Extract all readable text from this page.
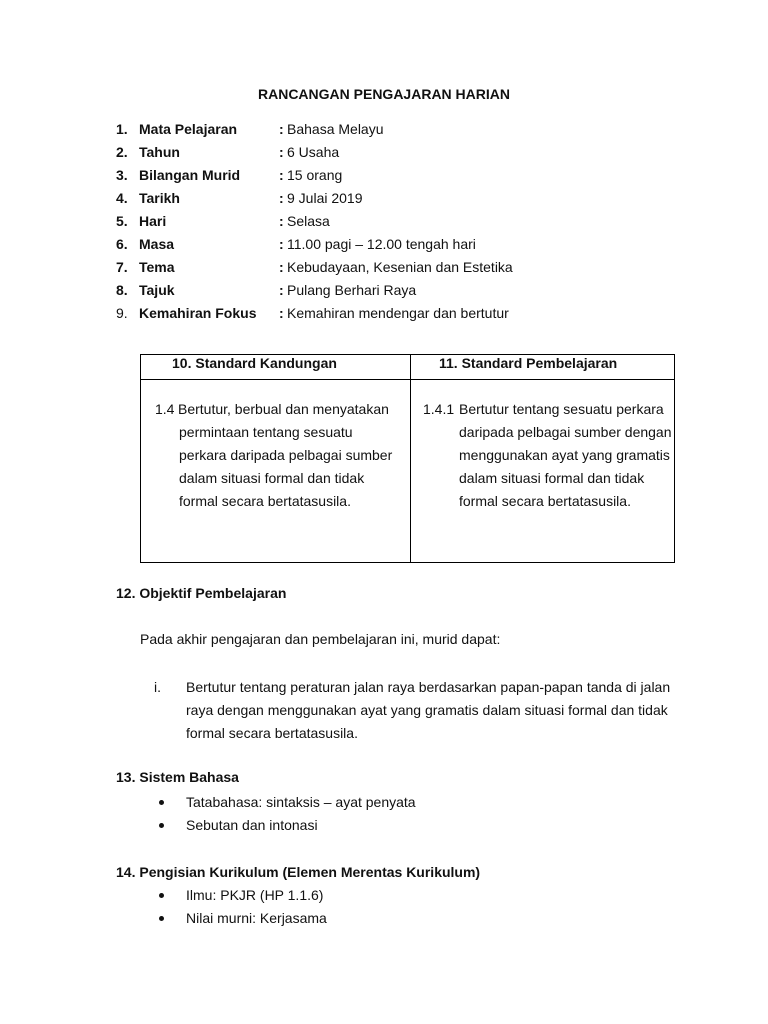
RANCANGAN PENGAJARAN HARIAN
1. Mata Pelajaran	: Bahasa Melayu
2. Tahun	: 6 Usaha
3. Bilangan Murid	: 15 orang
4. Tarikh	: 9 Julai 2019
5. Hari	: Selasa
6. Masa	: 11.00 pagi – 12.00 tengah hari
7. Tema	: Kebudayaan, Kesenian dan Estetika
8. Tajuk	: Pulang Berhari Raya
9. Kemahiran Fokus : Kemahiran mendengar dan bertutur
10. Standard Kandungan	11. Standard Pembelajaran

1.4 Bertutur, berbual dan menyatakan permintaan tentang sesuatu perkara daripada pelbagai sumber dalam situasi formal dan tidak formal secara bertatasusila.	1.4.1 Bertutur tentang sesuatu perkara daripada pelbagai sumber dengan menggunakan ayat yang gramatis dalam situasi formal dan tidak formal secara bertatasusila.
12. Objektif Pembelajaran
Pada akhir pengajaran dan pembelajaran ini, murid dapat:
i. Bertutur tentang peraturan jalan raya berdasarkan papan-papan tanda di jalan raya dengan menggunakan ayat yang gramatis dalam situasi formal dan tidak formal secara bertatasusila.
13. Sistem Bahasa
Tatabahasa: sintaksis – ayat penyata
Sebutan dan intonasi
14. Pengisian Kurikulum (Elemen Merentas Kurikulum)
Ilmu: PKJR (HP 1.1.6)
Nilai murni: Kerjasama
